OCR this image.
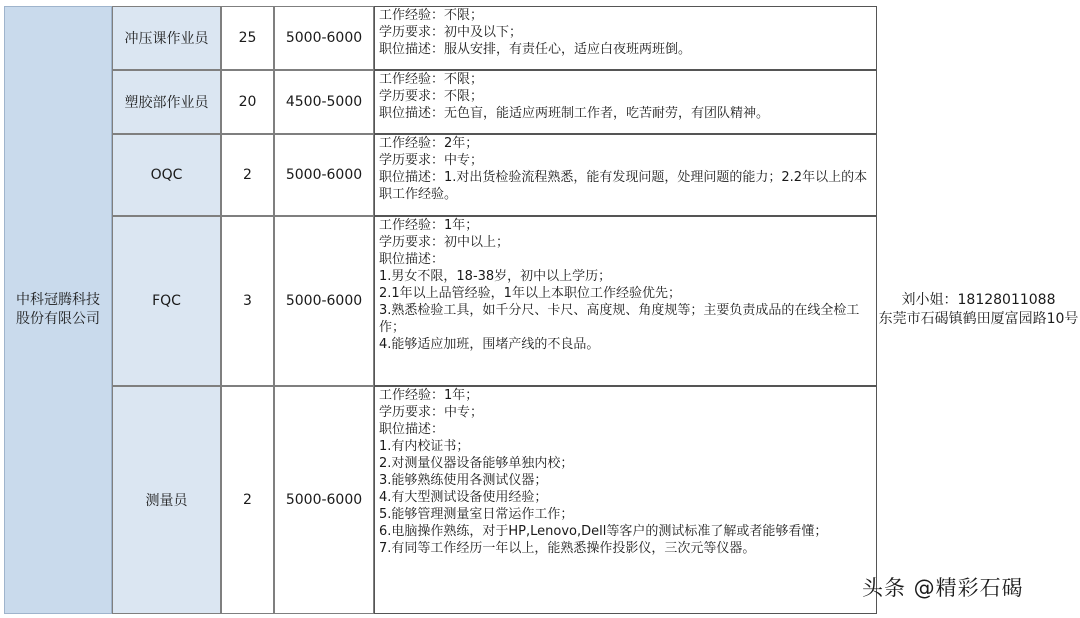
中科冠腾科技股份有限公司
冲压课作业员	25	5000-6000
工作经验：不限；
学历要求：初中及以下；
职位描述：服从安排，有责任心，适应白夜班两班倒。
塑胶部作业员	20	4500-5000
工作经验：不限；
学历要求：不限；
职位描述：无色盲，能适应两班制工作者，吃苦耐劳，有团队精神。
OQC	2	5000-6000
工作经验：2年；
学历要求：中专；
职位描述：1.对出货检验流程熟悉，能有发现问题，处理问题的能力；2.2年以上的本职工作经验。
FQC	3	5000-6000
工作经验：1年；
学历要求：初中以上；
职位描述：
1.男女不限，18-38岁，初中以上学历；
2.1年以上品管经验，1年以上本职位工作经验优先；
3.熟悉检验工具，如千分尺、卡尺、高度规、角度规等；主要负责成品的在线全检工作；
4.能够适应加班，围堵产线的不良品。
测量员	2	5000-6000
工作经验：1年；
学历要求：中专；
职位描述：
1.有内校证书；
2.对测量仪器设备能够单独内校；
3.能够熟练使用各测试仪器；
4.有大型测试设备使用经验；
5.能够管理测量室日常运作工作；
6.电脑操作熟练，对于HP,Lenovo,Dell等客户的测试标准了解或者能够看懂；
7.有同等工作经历一年以上，能熟悉操作投影仪，三次元等仪器。
刘小姐：18128011088
东莞市石碣镇鹤田厦富园路10号
头条 @精彩石碣
